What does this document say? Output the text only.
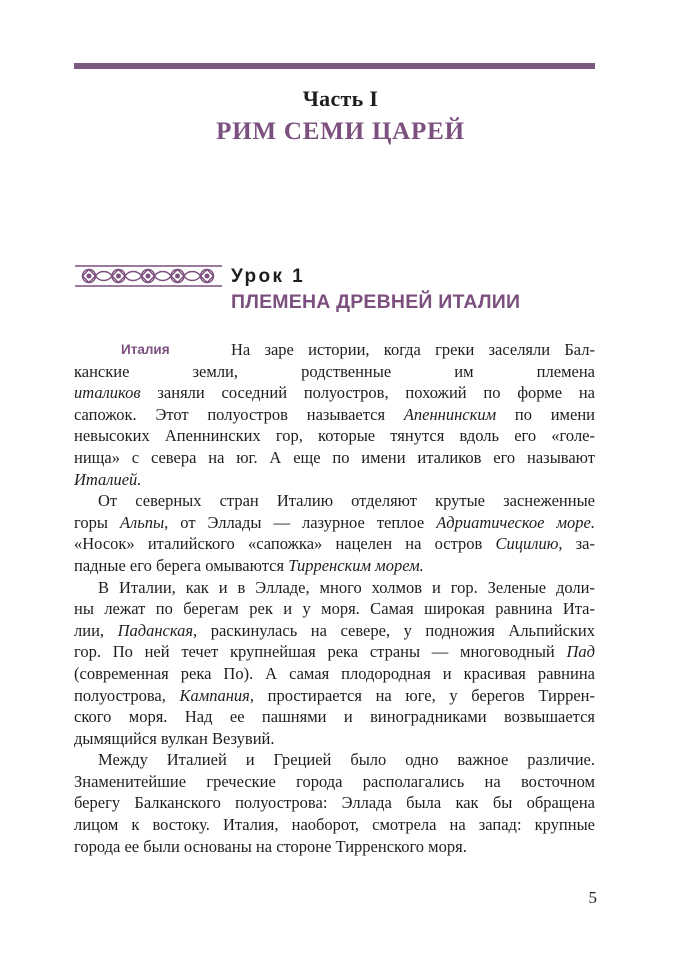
Часть I
РИМ СЕМИ ЦАРЕЙ
Урок 1
ПЛЕМЕНА ДРЕВНЕЙ ИТАЛИИ
Италия	На заре истории, когда греки заселяли Бал-
канские земли, родственные им племена
италиков заняли соседний полуостров, похожий по форме на
сапожок. Этот полуостров называется Апеннинским по имени
невысоких Апеннинских гор, которые тянутся вдоль его «голе-
нища» с севера на юг. А еще по имени италиков его называют
Италией.
От северных стран Италию отделяют крутые заснеженные
горы Альпы, от Эллады — лазурное теплое Адриатическое море.
«Носок» италийского «сапожка» нацелен на остров Сицилию, за-
падные его берега омываются Тирренским морем.
В Италии, как и в Элладе, много холмов и гор. Зеленые доли-
ны лежат по берегам рек и у моря. Самая широкая равнина Ита-
лии, Паданская, раскинулась на севере, у подножия Альпийских
гор. По ней течет крупнейшая река страны — многоводный Пад
(современная река По). А самая плодородная и красивая равнина
полуострова, Кампания, простирается на юге, у берегов Тиррен-
ского моря. Над ее пашнями и виноградниками возвышается
дымящийся вулкан Везувий.
Между Италией и Грецией было одно важное различие.
Знаменитейшие греческие города располагались на восточном
берегу Балканского полуострова: Эллада была как бы обращена
лицом к востоку. Италия, наоборот, смотрела на запад: крупные
города ее были основаны на стороне Тирренского моря.
5
